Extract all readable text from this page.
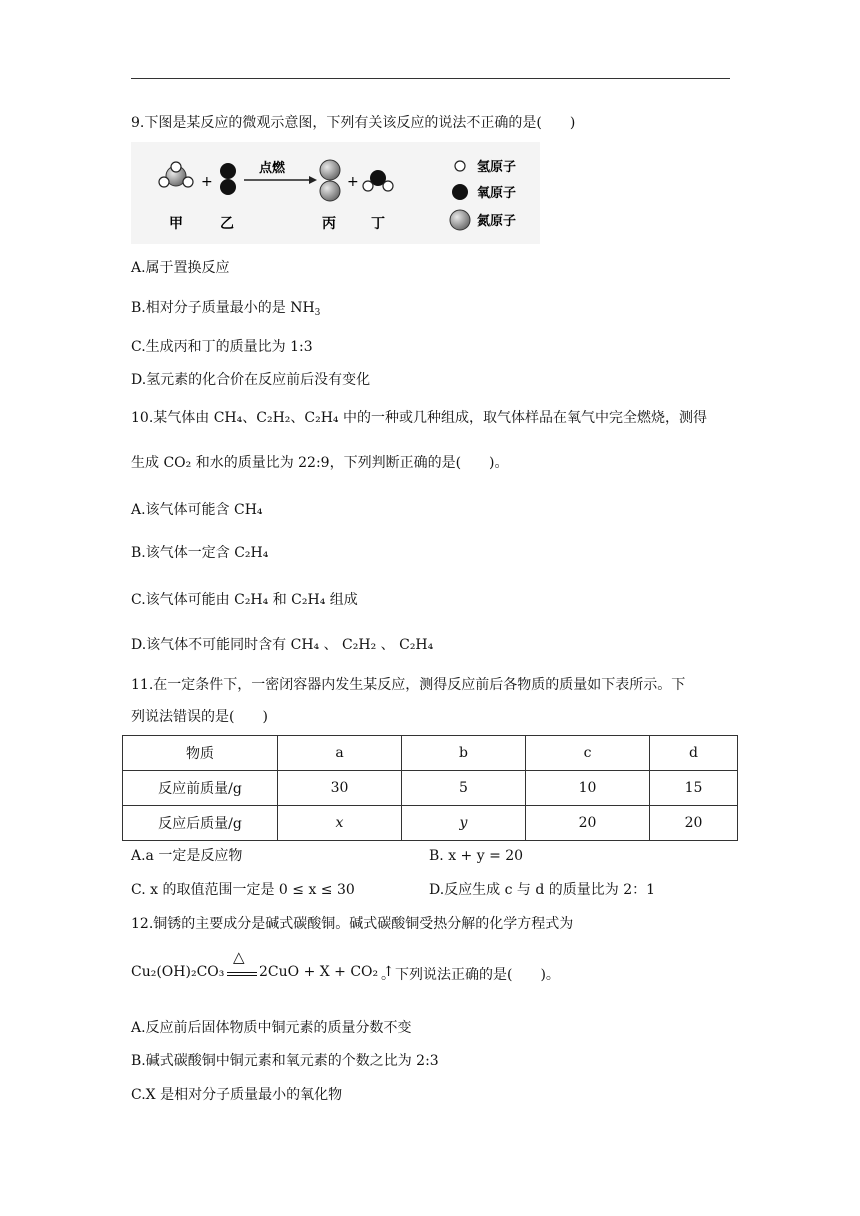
9.下图是某反应的微观示意图，下列有关该反应的说法不正确的是(　　)
+
点燃
+
甲	乙	丙	丁
氢原子
氧原子
氮原子
A.属于置换反应
B.相对分子质量最小的是 $NH_3$
C.生成丙和丁的质量比为 1:3
D.氢元素的化合价在反应前后没有变化
10.某气体由 CH₄、C₂H₂、C₂H₄ 中的一种或几种组成，取气体样品在氧气中完全燃烧，测得
生成 CO₂ 和水的质量比为 22:9，下列判断正确的是(　　)。
A.该气体可能含 CH₄
B.该气体一定含 C₂H₄
C.该气体可能由 C₂H₄ 和 C₂H₄ 组成
D.该气体不可能同时含有 CH₄ 、 C₂H₂ 、 C₂H₄
11.在一定条件下，一密闭容器内发生某反应，测得反应前后各物质的质量如下表所示。下
列说法错误的是(　　)
物质	a	b	c	d
反应前质量/g	30	5	10	15
反应后质量/g	x	y	20	20
A.a 一定是反应物	B. x + y = 20
C. x 的取值范围一定是 0 ≤ x ≤ 30	D.反应生成 c 与 d 的质量比为 2：1
12.铜锈的主要成分是碱式碳酸铜。碱式碳酸铜受热分解的化学方程式为
Cu₂(OH)₂CO₃
△
2CuO + X + CO₂ ↑
。下列说法正确的是(　　)。
A.反应前后固体物质中铜元素的质量分数不变
B.碱式碳酸铜中铜元素和氧元素的个数之比为 2:3
C.X 是相对分子质量最小的氧化物
